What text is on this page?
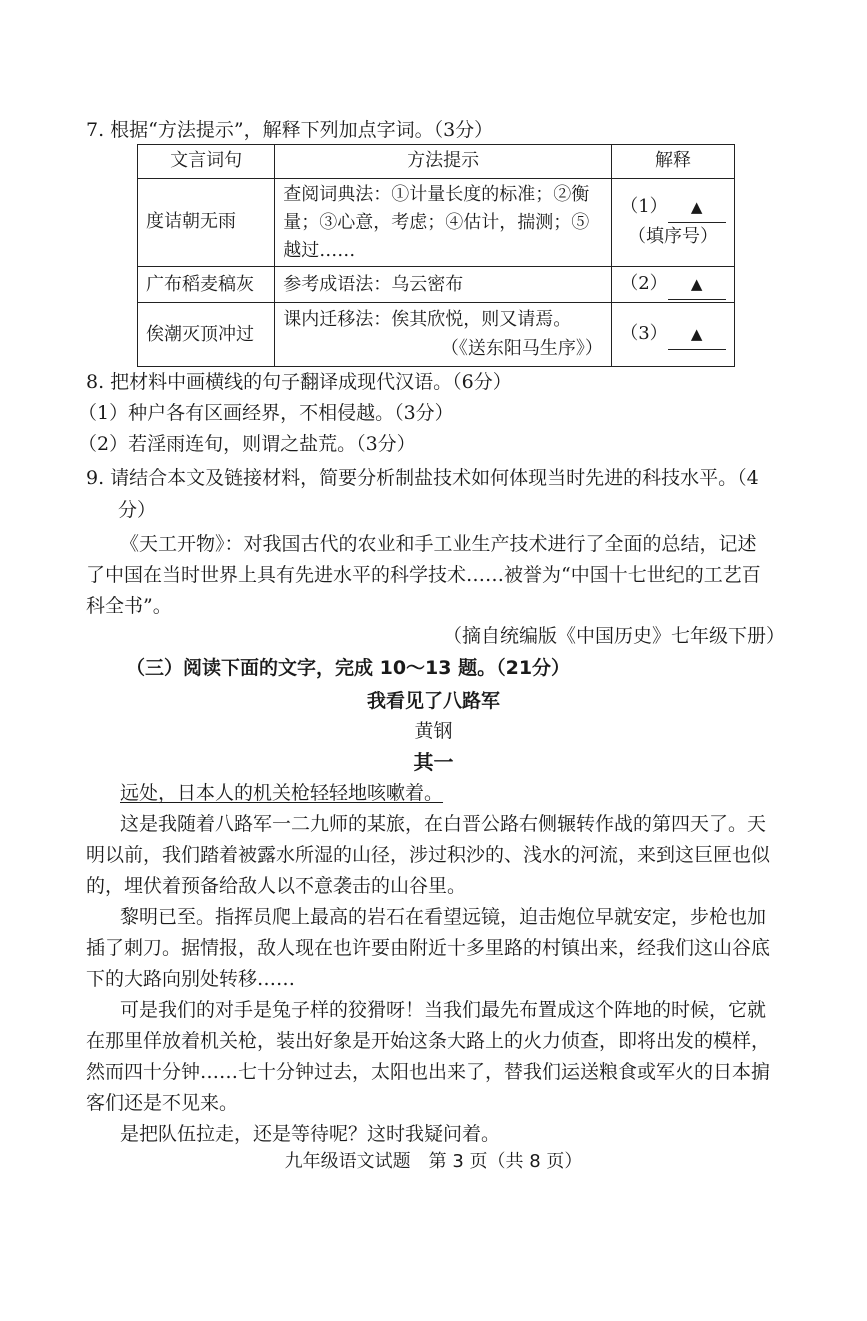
7. 根据“方法提示”，解释下列加点字词。（3分）
文言词句	方法提示	解释
度诘朝无雨	查阅词典法：①计量长度的标准；②衡量；③心意，考虑；④估计，揣测；⑤越过……	（1） ▲
（填序号）

广布稻麦稿灰	参考成语法：乌云密布	（2） ▲
俟潮灭顶冲过	课内迁移法：俟其欣悦，则又请焉。
（《送东阳马生序》）	（3） ▲
8. 把材料中画横线的句子翻译成现代汉语。（6分）
（1）种户各有区画经界，不相侵越。（3分）
（2）若淫雨连旬，则谓之盐荒。（3分）
9. 请结合本文及链接材料，简要分析制盐技术如何体现当时先进的科技水平。（4
分）
《天工开物》：对我国古代的农业和手工业生产技术进行了全面的总结，记述
了中国在当时世界上具有先进水平的科学技术……被誉为“中国十七世纪的工艺百
科全书”。
（摘自统编版《中国历史》七年级下册）
（三）阅读下面的文字，完成 10～13 题。（21分）
我看见了八路军
黄钢
其一
远处，日本人的机关枪轻轻地咳嗽着。
这是我随着八路军一二九师的某旅，在白晋公路右侧辗转作战的第四天了。天
明以前，我们踏着被露水所湿的山径，涉过积沙的、浅水的河流，来到这巨匣也似
的，埋伏着预备给敌人以不意袭击的山谷里。
黎明已至。指挥员爬上最高的岩石在看望远镜，迫击炮位早就安定，步枪也加
插了刺刀。据情报，敌人现在也许要由附近十多里路的村镇出来，经我们这山谷底
下的大路向别处转移……
可是我们的对手是兔子样的狡猾呀！当我们最先布置成这个阵地的时候，它就
在那里佯放着机关枪，装出好象是开始这条大路上的火力侦查，即将出发的模样，
然而四十分钟……七十分钟过去，太阳也出来了，替我们运送粮食或军火的日本掮
客们还是不见来。
是把队伍拉走，还是等待呢？这时我疑问着。
九年级语文试题　第 3 页（共 8 页）
